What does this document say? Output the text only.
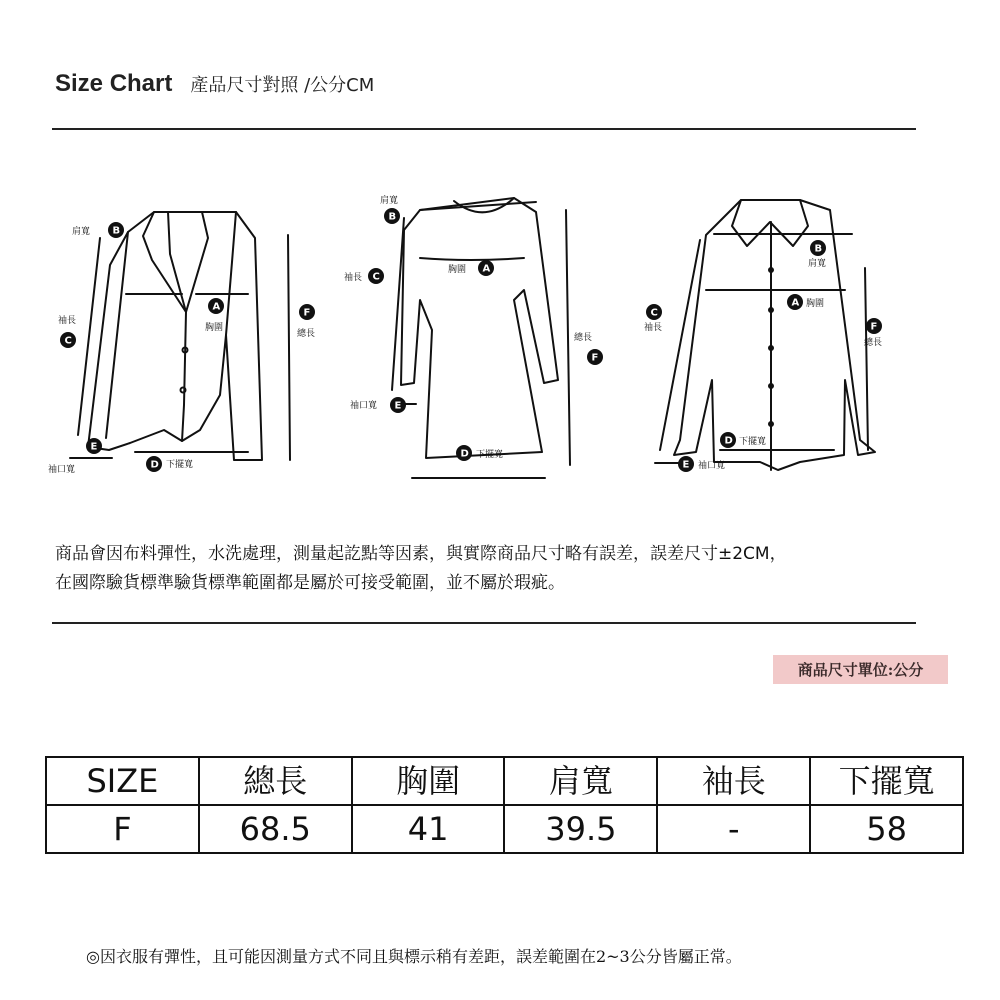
Size Chart 產品尺寸對照 /公分CM
肩寬 B
袖長
C
A
胸圍
F
總長
E
袖口寬	D 下擺寬
肩寬
B
袖長 C
胸圍 A
總長
F
袖口寬 E
D 下擺寬
B
肩寬
A 胸圍
C
袖長	F
總長
D 下擺寬
E 袖口寬
商品會因布料彈性，水洗處理，測量起訖點等因素，與實際商品尺寸略有誤差，誤差尺寸±2CM，
在國際驗貨標準驗貨標準範圍都是屬於可接受範圍，並不屬於瑕疵。
商品尺寸單位:公分
SIZE	總長	胸圍	肩寬	袖長	下擺寬
F	68.5	41	39.5	-	58
◎因衣服有彈性，且可能因測量方式不同且與標示稍有差距，誤差範圍在2~3公分皆屬正常。
